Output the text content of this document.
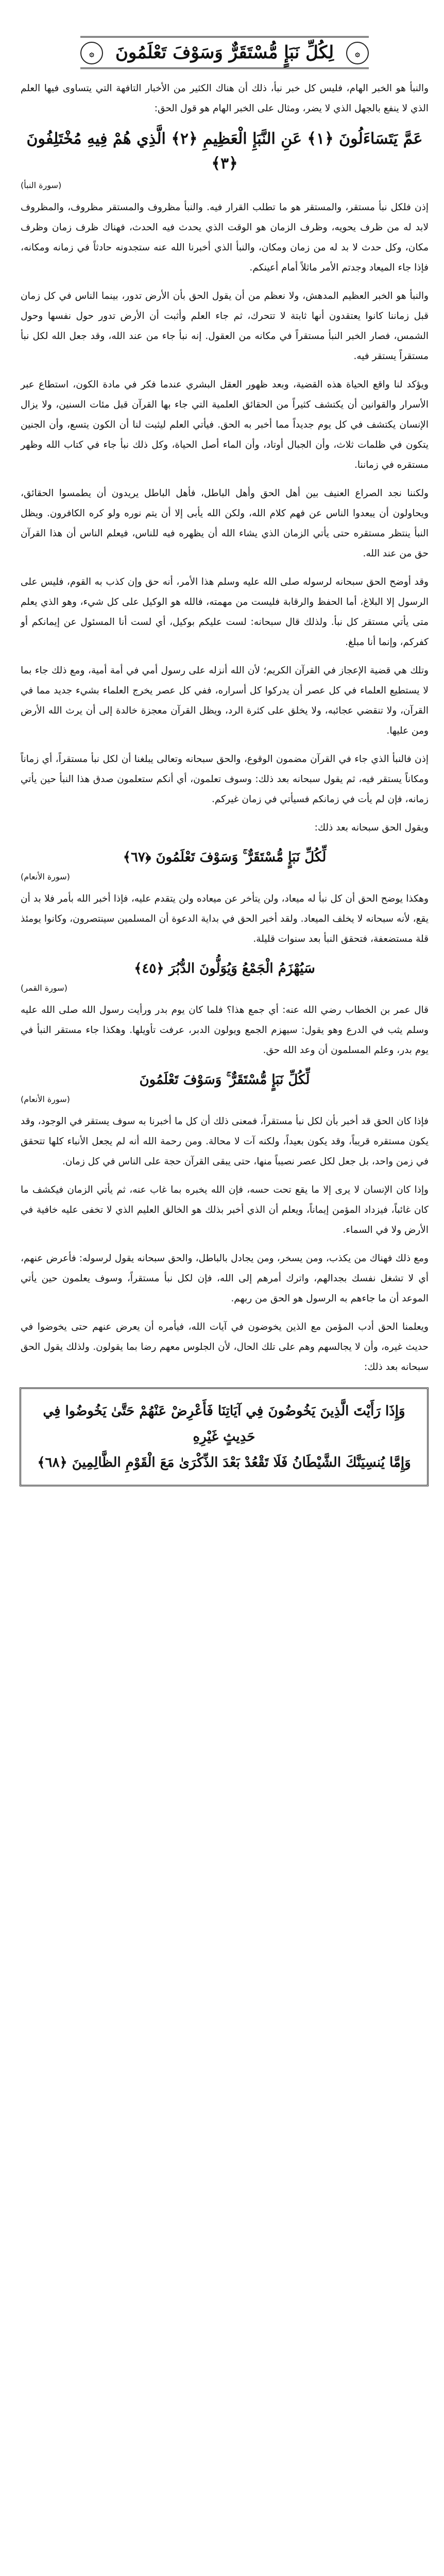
۞
لِكُلِّ نَبَإٍ مُّسْتَقَرٌّ وَسَوْفَ تَعْلَمُونَ
۞

والنبأ هو الخبر الهام، فليس كل خبر نبأ، ذلك أن هناك الكثير من الأخبار التافهة التي يتساوى فيها العلم الذي لا ينفع بالجهل الذي لا يضر، ومثال على الخبر الهام هو قول الحق:

عَمَّ يَتَسَاءَلُونَ ﴿١﴾ عَنِ النَّبَإِ الْعَظِيمِ ﴿٢﴾ الَّذِي هُمْ فِيهِ مُخْتَلِفُونَ ﴿٣﴾
(سورة النبأ)

إذن فلكل نبأ مستقر، والمستقر هو ما تطلب القرار فيه. والنبأ مظروف والمستقر مظروف، والمظروف لابد له من ظرف يحويه، وظرف الزمان هو الوقت الذي يحدث فيه الحدث، فهناك ظرف زمان وظرف مكان، وكل حدث لا بد له من زمان ومكان، والنبأ الذي أخبرنا الله عنه ستجدونه حادثاً في زمانه ومكانه، فإذا جاء الميعاد وجدتم الأمر ماثلاً أمام أعينكم.

والنبأ هو الخبر العظيم المدهش، ولا نعظم من أن يقول الحق بأن الأرض تدور، بينما الناس في كل زمان قبل زماننا كانوا يعتقدون أنها ثابتة لا تتحرك، ثم جاء العلم وأثبت أن الأرض تدور حول نفسها وحول الشمس، فصار الخبر النبأ مستقراً في مكانه من العقول. إنه نبأ جاء من عند الله، وقد جعل الله لكل نبأ مستقراً يستقر فيه.

ويؤكد لنا واقع الحياة هذه القضية، وبعد ظهور العقل البشري عندما فكر في مادة الكون، استطاع عبر الأسرار والقوانين أن يكتشف كثيراً من الحقائق العلمية التي جاء بها القرآن قبل مئات السنين، ولا يزال الإنسان يكتشف في كل يوم جديداً مما أخبر به الحق. فيأتي العلم ليثبت لنا أن الكون يتسع، وأن الجنين يتكون في ظلمات ثلاث، وأن الجبال أوتاد، وأن الماء أصل الحياة، وكل ذلك نبأ جاء في كتاب الله وظهر مستقره في زماننا.

ولكننا نجد الصراع العنيف بين أهل الحق وأهل الباطل، فأهل الباطل يريدون أن يطمسوا الحقائق، ويحاولون أن يبعدوا الناس عن فهم كلام الله، ولكن الله يأبى إلا أن يتم نوره ولو كره الكافرون. ويظل النبأ ينتظر مستقره حتى يأتي الزمان الذي يشاء الله أن يظهره فيه للناس، فيعلم الناس أن هذا القرآن حق من عند الله.

وقد أوضح الحق سبحانه لرسوله صلى الله عليه وسلم هذا الأمر، أنه حق وإن كذب به القوم، فليس على الرسول إلا البلاغ، أما الحفظ والرقابة فليست من مهمته، فالله هو الوكيل على كل شيء، وهو الذي يعلم متى يأتي مستقر كل نبأ. ولذلك قال سبحانه: لست عليكم بوكيل، أي لست أنا المسئول عن إيمانكم أو كفركم، وإنما أنا مبلغ.

وتلك هي قضية الإعجاز في القرآن الكريم؛ لأن الله أنزله على رسول أمي في أمة أمية، ومع ذلك جاء بما لا يستطيع العلماء في كل عصر أن يدركوا كل أسراره، ففي كل عصر يخرج العلماء بشيء جديد مما في القرآن، ولا تنقضي عجائبه، ولا يخلق على كثرة الرد، ويظل القرآن معجزة خالدة إلى أن يرث الله الأرض ومن عليها.

إذن فالنبأ الذي جاء في القرآن مضمون الوقوع، والحق سبحانه وتعالى يبلغنا أن لكل نبأ مستقراً، أي زماناً ومكاناً يستقر فيه، ثم يقول سبحانه بعد ذلك: وسوف تعلمون، أي أنكم ستعلمون صدق هذا النبأ حين يأتي زمانه، فإن لم يأت في زمانكم فسيأتي في زمان غيركم.

ويقول الحق سبحانه بعد ذلك:

لِّكُلِّ نَبَإٍ مُّسْتَقَرٌّ ۚ وَسَوْفَ تَعْلَمُونَ ﴿٦٧﴾
(سورة الأنعام)

وهكذا يوضح الحق أن كل نبأ له ميعاد، ولن يتأخر عن ميعاده ولن يتقدم عليه، فإذا أخبر الله بأمر فلا بد أن يقع، لأنه سبحانه لا يخلف الميعاد. ولقد أخبر الحق في بداية الدعوة أن المسلمين سينتصرون، وكانوا يومئذ قلة مستضعفة، فتحقق النبأ بعد سنوات قليلة.

سَيُهْزَمُ الْجَمْعُ وَيُوَلُّونَ الدُّبُرَ ﴿٤٥﴾
(سورة القمر)

قال عمر بن الخطاب رضي الله عنه: أي جمع هذا؟ فلما كان يوم بدر ورأيت رسول الله صلى الله عليه وسلم يثب في الدرع وهو يقول: سيهزم الجمع ويولون الدبر، عرفت تأويلها. وهكذا جاء مستقر النبأ في يوم بدر، وعلم المسلمون أن وعد الله حق.

لِّكُلِّ نَبَإٍ مُّسْتَقَرٌّ ۚ وَسَوْفَ تَعْلَمُونَ
(سورة الأنعام)

فإذا كان الحق قد أخبر بأن لكل نبأ مستقراً، فمعنى ذلك أن كل ما أخبرنا به سوف يستقر في الوجود، وقد يكون مستقره قريباً، وقد يكون بعيداً، ولكنه آت لا محالة. ومن رحمة الله أنه لم يجعل الأنباء كلها تتحقق في زمن واحد، بل جعل لكل عصر نصيباً منها، حتى يبقى القرآن حجة على الناس في كل زمان.

وإذا كان الإنسان لا يرى إلا ما يقع تحت حسه، فإن الله يخبره بما غاب عنه، ثم يأتي الزمان فيكشف ما كان غائباً، فيزداد المؤمن إيماناً، ويعلم أن الذي أخبر بذلك هو الخالق العليم الذي لا تخفى عليه خافية في الأرض ولا في السماء.

ومع ذلك فهناك من يكذب، ومن يسخر، ومن يجادل بالباطل، والحق سبحانه يقول لرسوله: فأعرض عنهم، أي لا تشغل نفسك بجدالهم، واترك أمرهم إلى الله، فإن لكل نبأ مستقراً، وسوف يعلمون حين يأتي الموعد أن ما جاءهم به الرسول هو الحق من ربهم.

ويعلمنا الحق أدب المؤمن مع الذين يخوضون في آيات الله، فيأمره أن يعرض عنهم حتى يخوضوا في حديث غيره، وأن لا يجالسهم وهم على تلك الحال، لأن الجلوس معهم رضا بما يقولون. ولذلك يقول الحق سبحانه بعد ذلك:

وَإِذَا رَأَيْتَ الَّذِينَ يَخُوضُونَ فِي آيَاتِنَا فَأَعْرِضْ عَنْهُمْ حَتَّىٰ يَخُوضُوا فِي حَدِيثٍ غَيْرِهِ
وَإِمَّا يُنسِيَنَّكَ الشَّيْطَانُ فَلَا تَقْعُدْ بَعْدَ الذِّكْرَىٰ مَعَ الْقَوْمِ الظَّالِمِينَ ﴿٦٨﴾
